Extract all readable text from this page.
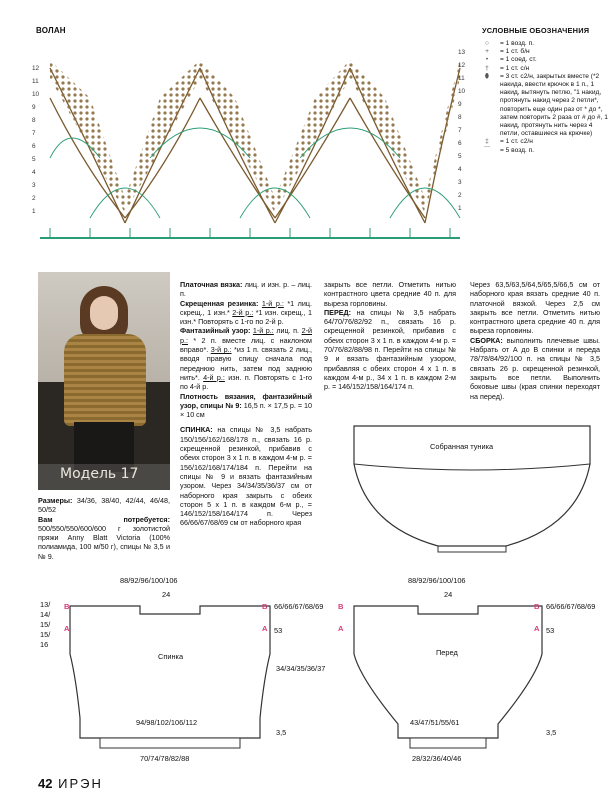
ВОЛАН
12
11
10
9
8
7
6
5
4
3
2
1
13
12
11
10
9
8
7
6
5
4
3
2
1
УСЛОВНЫЕ ОБОЗНАЧЕНИЯ
○	= 1 возд. п.
+	= 1 ст. б/н
•	= 1 соед. ст.
†	= 1 ст. с/н
⬮	= 3 ст. с2/н, закрытых вместе (*2 накида, ввести крючок в 1 п., 1 накид, вытянуть петлю, "1 накид, протянуть накид через 2 петли*, повторить еще один раз от * до *, затем повторить 2 раза от # до #, 1 накид, протянуть нить через 4 петли, оставшиеся на крючке)
‡	= 1 ст. с2/н
⌒	= 5 возд. п.
Модель 17
Размеры: 34/36, 38/40, 42/44, 46/48, 50/52
Вам потребуется: 500/550/550/600/600 г золотистой пряжи Anny Blatt Victoria (100% полиамида, 100 м/50 г), спицы № 3,5 и № 9.
Платочная вязка: лиц. и изн. р. – лиц. п.
Скрещенная резинка: 1-й р.: *1 лиц. скрещ., 1 изн.* 2-й р.: *1 изн. скрещ., 1 изн.* Повторять с 1-го по 2-й р.
Фантазийный узор: 1-й р.: лиц. п. 2-й р.: * 2 п. вместе лиц. с наклоном вправо*. 3-й р.: *из 1 п. связать 2 лиц., вводя правую спицу сначала под переднюю нить, затем под заднюю нить*. 4-й р.: изн. п. Повторять с 1-го по 4-й р.
Плотность вязания, фантазийный узор, спицы № 9: 16,5 п. × 17,5 р. = 10 × 10 см
СПИНКА: на спицы № 3,5 набрать 150/156/162/168/178 п., связать 16 р. скрещенной резинкой, прибавив с обеих сторон 3 x 1 п. в каждом 4-м р. = 156/162/168/174/184 п. Перейти на спицы № 9 и вязать фантазийным узором. Через 34/34/35/36/37 см от наборного края закрыть с обеих сторон 5 x 1 п. в каждом 6-м р., = 146/152/158/164/174 п. Через 66/66/67/68/69 см от наборного края
закрыть все петли. Отметить нитью контрастного цвета средние 40 п. для выреза горловины.
ПЕРЕД: на спицы № 3,5 набрать 64/70/76/82/92 п., связать 16 р. скрещенной резинкой, прибавив с обеих сторон 3 x 1 п. в каждом 4-м р. = 70/76/82/88/98 п. Перейти на спицы № 9 и вязать фантазийным узором, прибавляя с обеих сторон 4 x 1 п. в каждом 4-м р., 34 x 1 п. в каждом 2-м р. = 146/152/158/164/174 п.
Через 63,5/63,5/64,5/65,5/66,5 см от наборного края вязать средние 40 п. платочной вязкой. Через 2,5 см закрыть все петли. Отметить нитью контрастного цвета средние 40 п. для выреза горловины.
СБОРКА: выполнить плечевые швы. Набрать от А до В спинки и переда 78/78/84/92/100 п. на спицы № 3,5 связать 26 р. скрещенной резинкой, закрыть все петли. Выполнить боковые швы (края спинки переходят на перед).
Собранная туника
88/92/96/100/106
24
Спинка
13/
14/
15/
15/
16
B
A
B
A
66/66/67/68/69
53
34/34/35/36/37
94/98/102/106/112
3,5
70/74/78/82/88
88/92/96/100/106
24
Перед
B
A
B
A
66/66/67/68/69
53
43/47/51/55/61
3,5
28/32/36/40/46
42 ИРЭН
